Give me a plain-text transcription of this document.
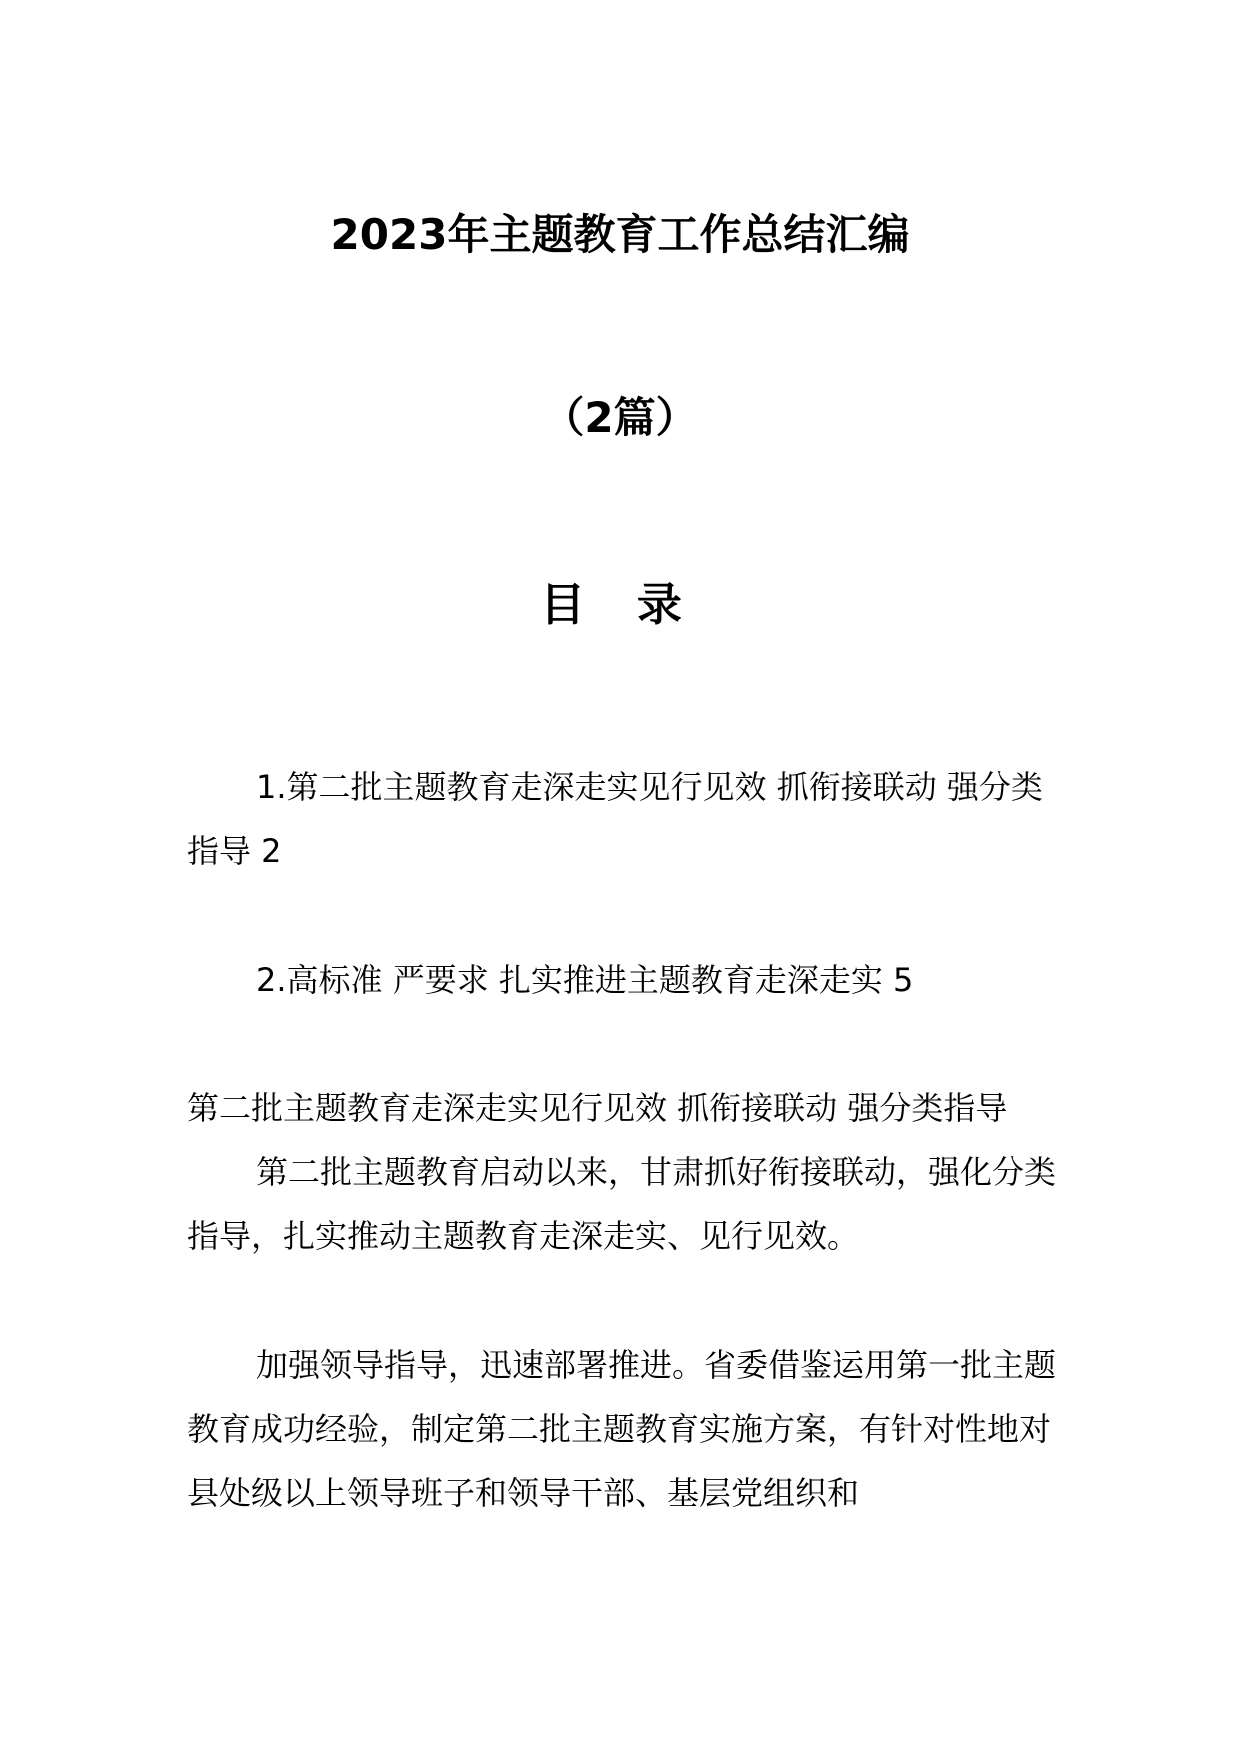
2023年主题教育工作总结汇编
（2篇）
目 录

1.第二批主题教育走深走实见行见效 抓衔接联动 强分类指导 2

2.高标准 严要求 扎实推进主题教育走深走实 5

第二批主题教育走深走实见行见效 抓衔接联动 强分类指导

第二批主题教育启动以来，甘肃抓好衔接联动，强化分类指导，扎实推动主题教育走深走实、见行见效。

加强领导指导，迅速部署推进。省委借鉴运用第一批主题教育成功经验，制定第二批主题教育实施方案，有针对性地对县处级以上领导班子和领导干部、基层党组织和
